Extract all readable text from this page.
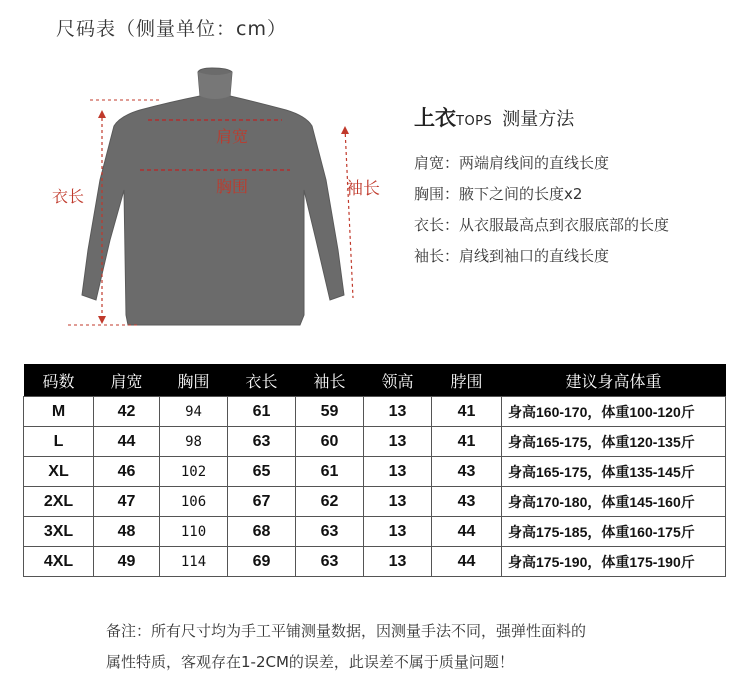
尺码表（侧量单位：cm）
肩宽
胸围
衣长	袖长
上衣TOPS 测量方法
肩宽：两端肩线间的直线长度
胸围：腋下之间的长度x2
衣长：从衣服最高点到衣服底部的长度
袖长：肩线到袖口的直线长度
码数	肩宽	胸围	衣长	袖长	领高	脖围	建议身高体重
M	42	94	61	59	13	41	身高160-170，体重100-120斤
L	44	98	63	60	13	41	身高165-175，体重120-135斤
XL	46	102	65	61	13	43	身高165-175，体重135-145斤
2XL	47	106	67	62	13	43	身高170-180，体重145-160斤
3XL	48	110	68	63	13	44	身高175-185，体重160-175斤
4XL	49	114	69	63	13	44	身高175-190，体重175-190斤
备注：所有尺寸均为手工平铺测量数据，因测量手法不同，强弹性面料的
属性特质，客观存在1-2CM的误差，此误差不属于质量问题！
